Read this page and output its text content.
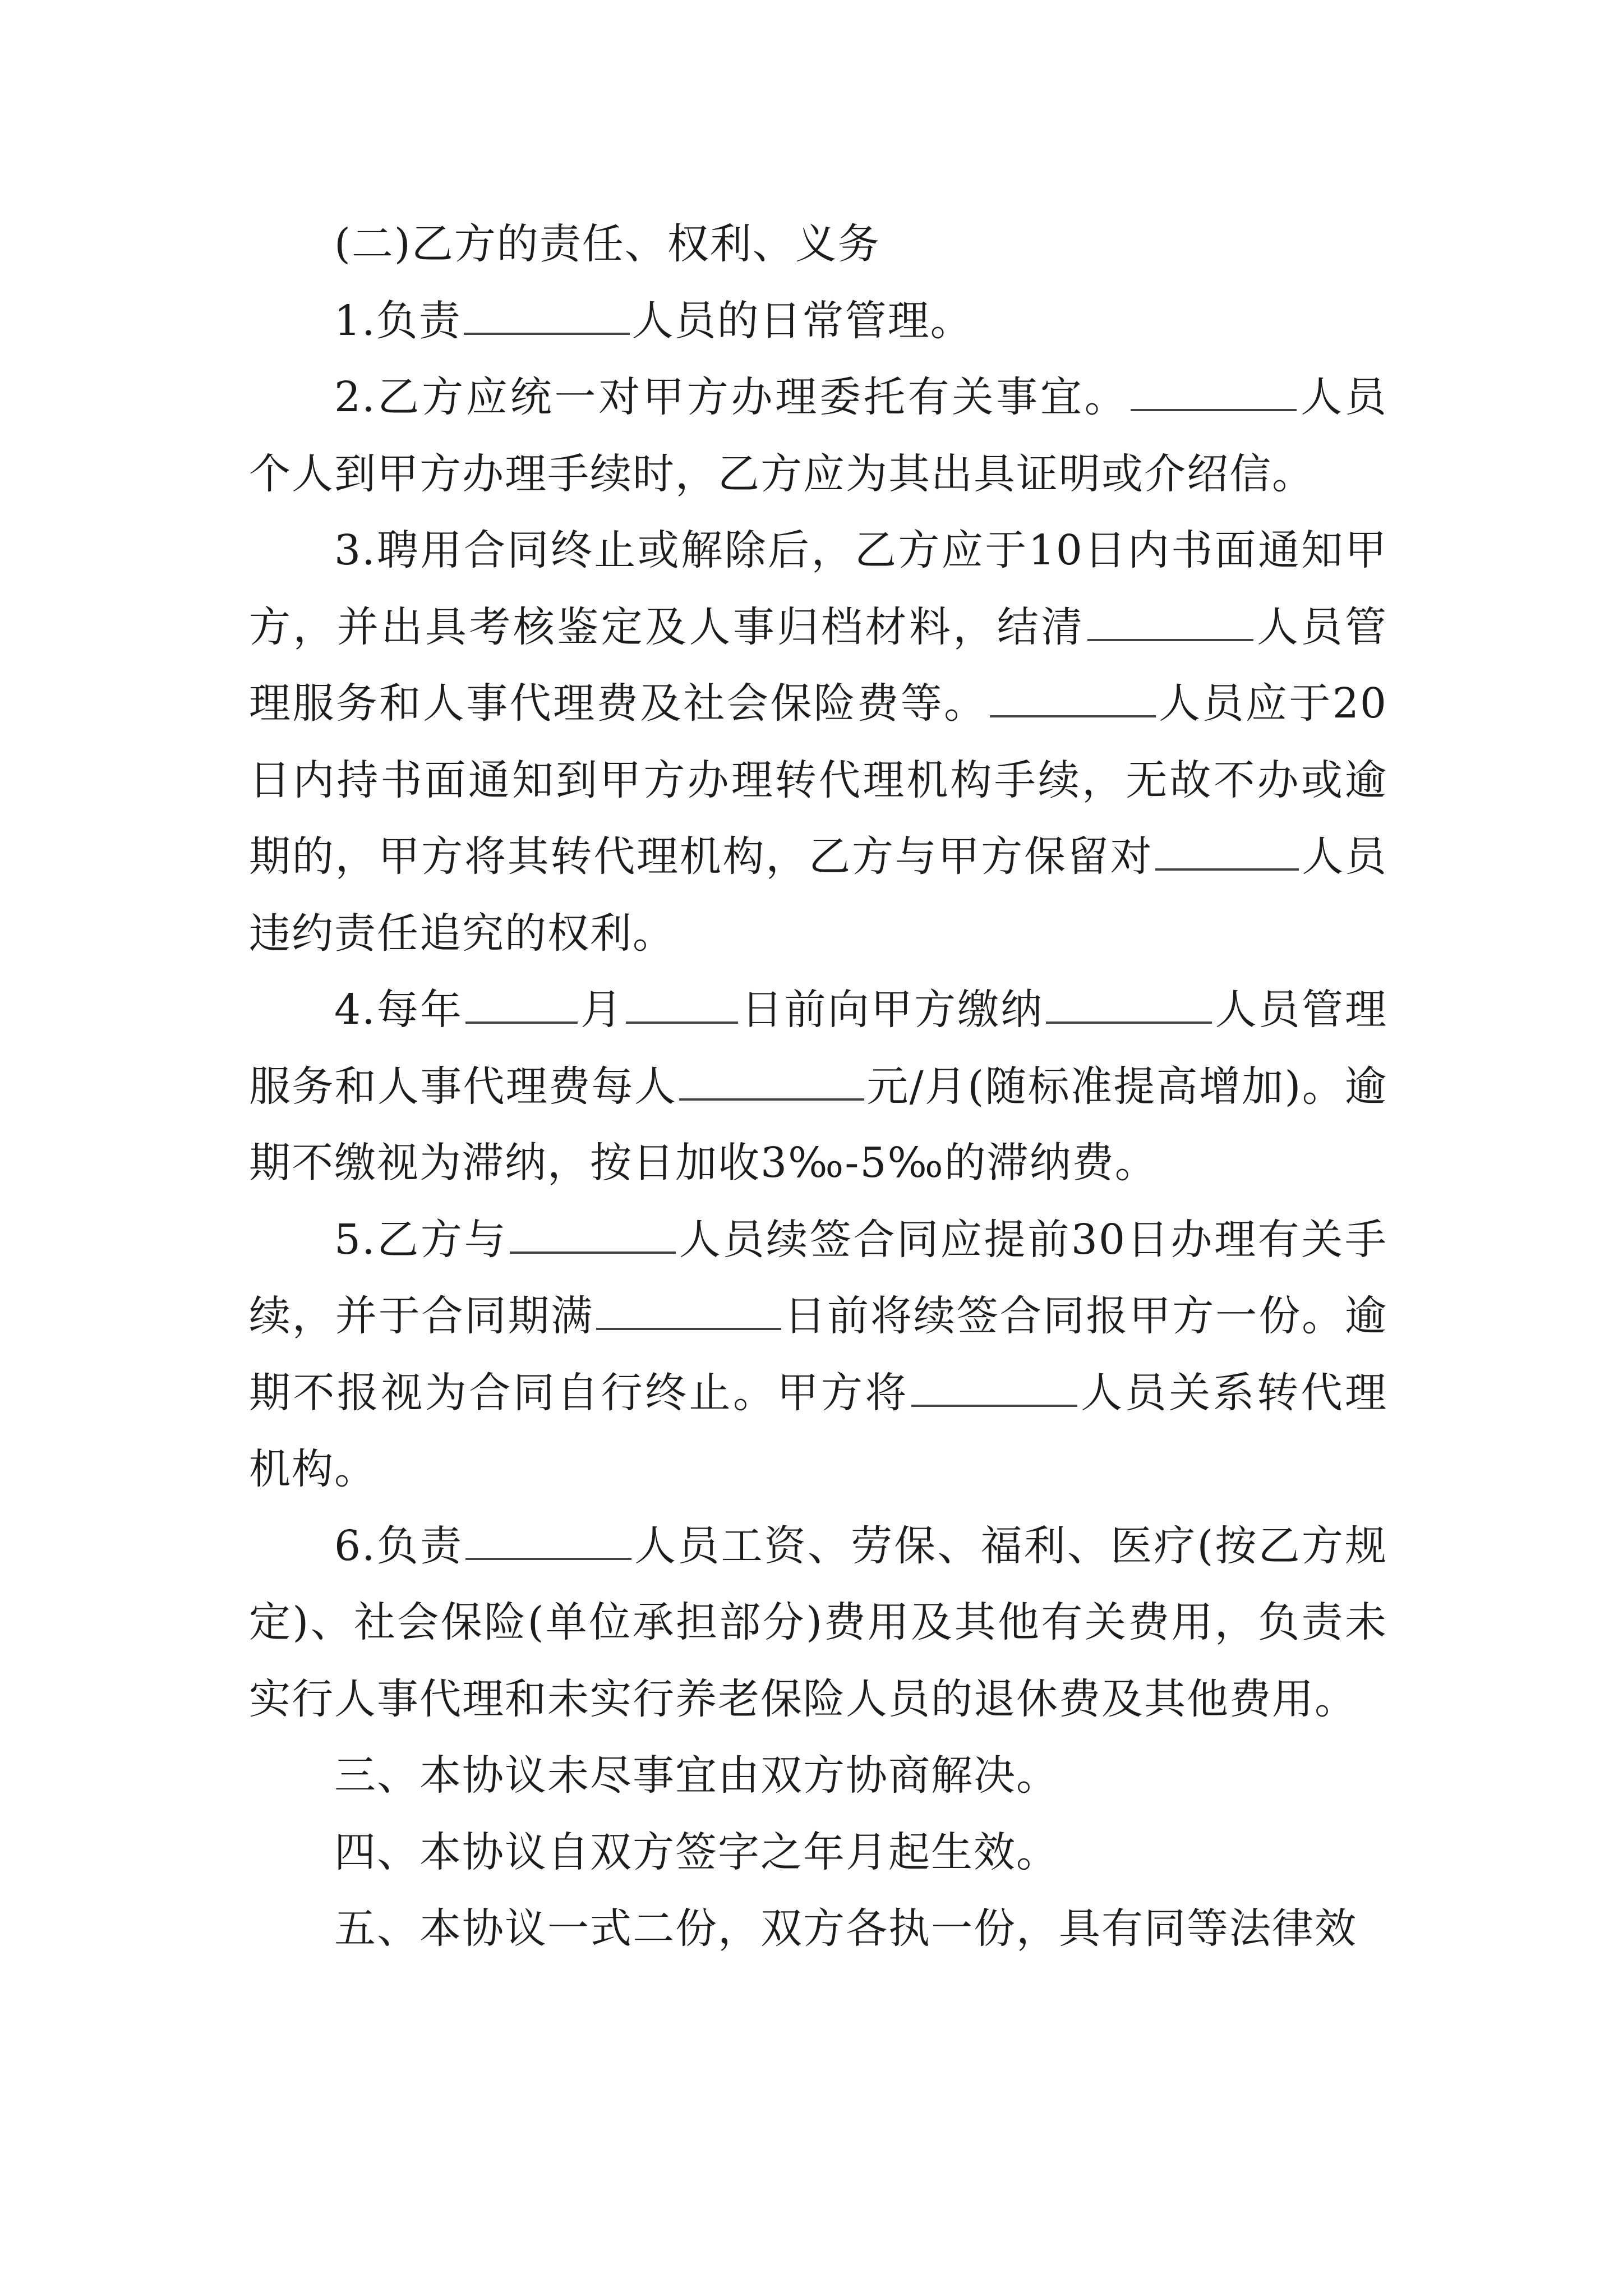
(二)乙方的责任、权利、义务

1.负责	人员的日常管理。

2.乙方应统一对甲方办理委托有关事宜。	人员个人到甲方办理手续时，乙方应为其出具证明或介绍信。

3.聘用合同终止或解除后，乙方应于10日内书面通知甲方，并出具考核鉴定及人事归档材料，结清	人员管理服务和人事代理费及社会保险费等。	人员应于20日内持书面通知到甲方办理转代理机构手续，无故不办或逾期的，甲方将其转代理机构，乙方与甲方保留对	人员违约责任追究的权利。

4.每年	月	日前向甲方缴纳	人员管理服务和人事代理费每人	元/月(随标准提高增加)。逾期不缴视为滞纳，按日加收3‰-5‰的滞纳费。

5.乙方与	人员续签合同应提前30日办理有关手续，并于合同期满	日前将续签合同报甲方一份。逾期不报视为合同自行终止。甲方将	人员关系转代理机构。

6.负责	人员工资、劳保、福利、医疗(按乙方规定)、社会保险(单位承担部分)费用及其他有关费用，负责未实行人事代理和未实行养老保险人员的退休费及其他费用。

三、本协议未尽事宜由双方协商解决。

四、本协议自双方签字之年月起生效。

五、本协议一式二份，双方各执一份，具有同等法律效
